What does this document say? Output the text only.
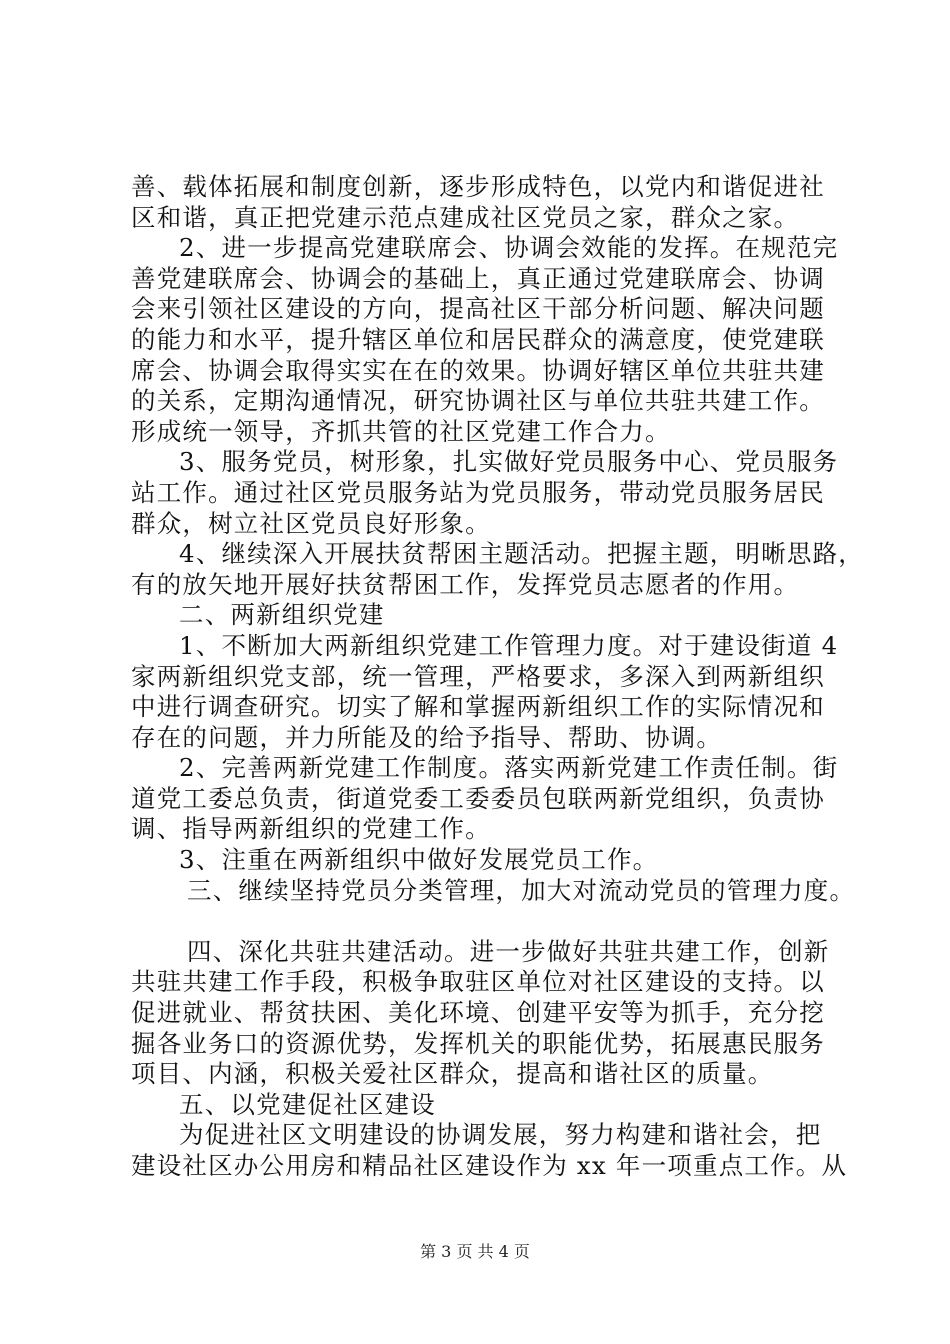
善、载体拓展和制度创新，逐步形成特色，以党内和谐促进社
区和谐，真正把党建示范点建成社区党员之家，群众之家。
2、进一步提高党建联席会、协调会效能的发挥。在规范完
善党建联席会、协调会的基础上，真正通过党建联席会、协调
会来引领社区建设的方向，提高社区干部分析问题、解决问题
的能力和水平，提升辖区单位和居民群众的满意度，使党建联
席会、协调会取得实实在在的效果。协调好辖区单位共驻共建
的关系，定期沟通情况，研究协调社区与单位共驻共建工作。
形成统一领导，齐抓共管的社区党建工作合力。
3、服务党员，树形象，扎实做好党员服务中心、党员服务
站工作。通过社区党员服务站为党员服务，带动党员服务居民
群众，树立社区党员良好形象。
4、继续深入开展扶贫帮困主题活动。把握主题，明晰思路，
有的放矢地开展好扶贫帮困工作，发挥党员志愿者的作用。
二、两新组织党建
1、不断加大两新组织党建工作管理力度。对于建设街道 4
家两新组织党支部，统一管理，严格要求，多深入到两新组织
中进行调查研究。切实了解和掌握两新组织工作的实际情况和
存在的问题，并力所能及的给予指导、帮助、协调。
2、完善两新党建工作制度。落实两新党建工作责任制。街
道党工委总负责，街道党委工委委员包联两新党组织，负责协
调、指导两新组织的党建工作。
3、注重在两新组织中做好发展党员工作。
三、继续坚持党员分类管理，加大对流动党员的管理力度。
四、深化共驻共建活动。进一步做好共驻共建工作，创新
共驻共建工作手段，积极争取驻区单位对社区建设的支持。以
促进就业、帮贫扶困、美化环境、创建平安等为抓手，充分挖
掘各业务口的资源优势，发挥机关的职能优势，拓展惠民服务
项目、内涵，积极关爱社区群众，提高和谐社区的质量。
五、以党建促社区建设
为促进社区文明建设的协调发展，努力构建和谐社会，把
建设社区办公用房和精品社区建设作为 xx 年一项重点工作。从
第 3 页 共 4 页
